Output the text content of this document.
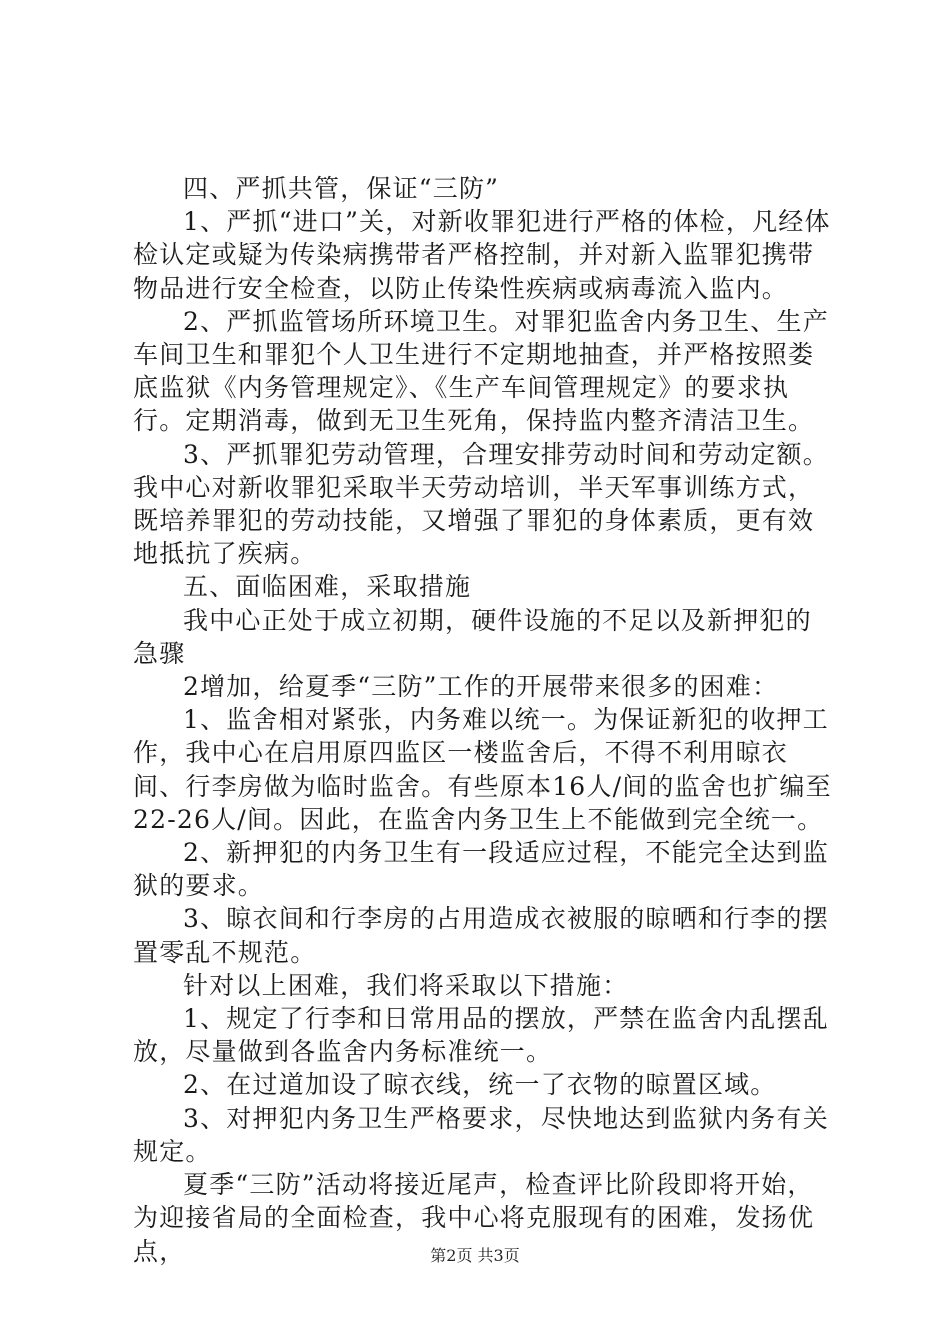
四、严抓共管，保证“三防”

1、严抓“进口”关，对新收罪犯进行严格的体检，凡经体检认定或疑为传染病携带者严格控制，并对新入监罪犯携带物品进行安全检查，以防止传染性疾病或病毒流入监内。

2、严抓监管场所环境卫生。对罪犯监舍内务卫生、生产车间卫生和罪犯个人卫生进行不定期地抽查，并严格按照娄底监狱《内务管理规定》、《生产车间管理规定》的要求执行。定期消毒，做到无卫生死角，保持监内整齐清洁卫生。

3、严抓罪犯劳动管理，合理安排劳动时间和劳动定额。我中心对新收罪犯采取半天劳动培训，半天军事训练方式，既培养罪犯的劳动技能，又增强了罪犯的身体素质，更有效地抵抗了疾病。

五、面临困难，采取措施

我中心正处于成立初期，硬件设施的不足以及新押犯的急骤

2增加，给夏季“三防”工作的开展带来很多的困难：

1、监舍相对紧张，内务难以统一。为保证新犯的收押工作，我中心在启用原四监区一楼监舍后，不得不利用晾衣间、行李房做为临时监舍。有些原本16人/间的监舍也扩编至22-26人/间。因此，在监舍内务卫生上不能做到完全统一。

2、新押犯的内务卫生有一段适应过程，不能完全达到监狱的要求。

3、晾衣间和行李房的占用造成衣被服的晾晒和行李的摆置零乱不规范。

针对以上困难，我们将采取以下措施：

1、规定了行李和日常用品的摆放，严禁在监舍内乱摆乱放，尽量做到各监舍内务标准统一。

2、在过道加设了晾衣线，统一了衣物的晾置区域。

3、对押犯内务卫生严格要求，尽快地达到监狱内务有关规定。

夏季“三防”活动将接近尾声，检查评比阶段即将开始，为迎接省局的全面检查，我中心将克服现有的困难，发扬优点，	第2页 共3页
